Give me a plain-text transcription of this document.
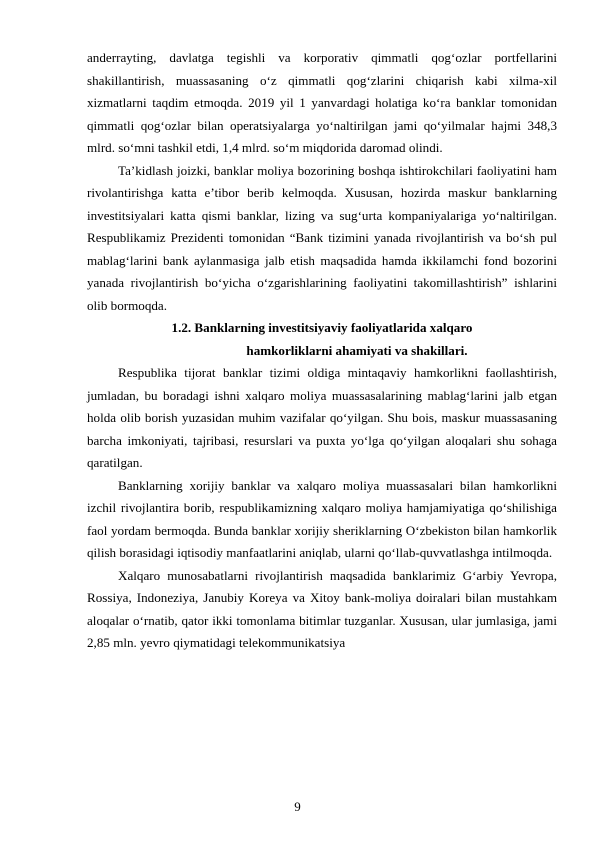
anderrayting, davlatga tegishli va korporativ qimmatli qog‘ozlar portfellarini shakillantirish, muassasaning o‘z qimmatli qog‘zlarini chiqarish kabi xilma-xil xizmatlarni taqdim etmoqda. 2019 yil 1 yanvardagi holatiga ko‘ra banklar tomonidan qimmatli qog‘ozlar bilan operatsiyalarga yo‘naltirilgan jami qo‘yilmalar hajmi 348,3 mlrd. so‘mni tashkil etdi, 1,4 mlrd. so‘m miqdorida daromad olindi.

Ta’kidlash joizki, banklar moliya bozorining boshqa ishtirokchilari faoliyatini ham rivolantirishga katta e’tibor berib kelmoqda. Xususan, hozirda maskur banklarning investitsiyalari katta qismi banklar, lizing va sug‘urta kompaniyalariga yo‘naltirilgan. Respublikamiz Prezidenti tomonidan “Bank tizimini yanada rivojlantirish va bo‘sh pul mablag‘larini bank aylanmasiga jalb etish maqsadida hamda ikkilamchi fond bozorini yanada rivojlantirish bo‘yicha o‘zgarishlarining faoliyatini takomillashtirish” ishlarini olib bormoqda.

1.2. Banklarning investitsiyaviy faoliyatlarida xalqaro
hamkorliklarni ahamiyati va shakillari.

Respublika tijorat banklar tizimi oldiga mintaqaviy hamkorlikni faollashtirish, jumladan, bu boradagi ishni xalqaro moliya muassasalarining mablag‘larini jalb etgan holda olib borish yuzasidan muhim vazifalar qo‘yilgan. Shu bois, maskur muassasaning barcha imkoniyati, tajribasi, resurslari va puxta yo‘lga qo‘yilgan aloqalari shu sohaga qaratilgan.

Banklarning xorijiy banklar va xalqaro moliya muassasalari bilan hamkorlikni izchil rivojlantira borib, respublikamizning xalqaro moliya hamjamiyatiga qo‘shilishiga faol yordam bermoqda. Bunda banklar xorijiy sheriklarning O‘zbekiston bilan hamkorlik qilish borasidagi iqtisodiy manfaatlarini aniqlab, ularni qo‘llab-quvvatlashga intilmoqda.

Xalqaro munosabatlarni rivojlantirish maqsadida banklarimiz G‘arbiy Yevropa, Rossiya, Indoneziya, Janubiy Koreya va Xitoy bank-moliya doiralari bilan mustahkam aloqalar o‘rnatib, qator ikki tomonlama bitimlar tuzganlar. Xususan, ular jumlasiga, jami 2,85 mln. yevro qiymatidagi telekommunikatsiya

9
